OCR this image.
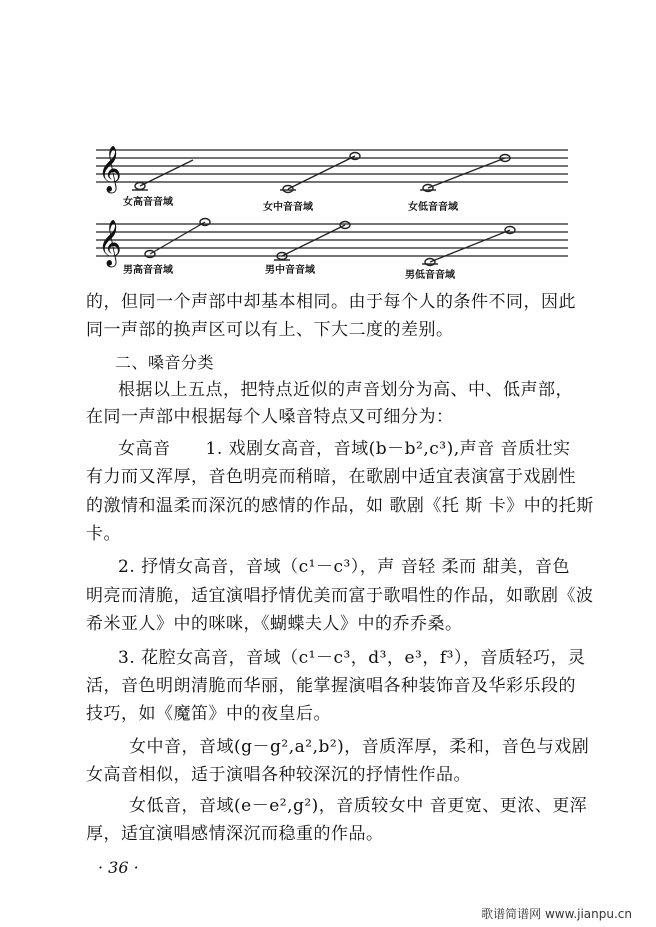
𝄞
𝄞
女高音音域	女中音音域	女低音音域
男高音音域	男中音音域	男低音音域
的，但同一个声部中却基本相同。由于每个人的条件不同，因此
同一声部的换声区可以有上、下大二度的差别。
二、嗓音分类
根据以上五点，把特点近似的声音划分为高、中、低声部，
在同一声部中根据每个人嗓音特点又可细分为：
女高音　　1. 戏剧女高音，音域(b－b²,c³),声音 音质壮实
有力而又浑厚，音色明亮而稍暗，在歌剧中适宜表演富于戏剧性
的激情和温柔而深沉的感情的作品，如 歌剧《托 斯 卡》中的托斯
卡。
2. 抒情女高音，音域（c¹－c³），声 音轻 柔而 甜美，音色
明亮而清脆，适宜演唱抒情优美而富于歌唱性的作品，如歌剧《波
希米亚人》中的咪咪，《蝴蝶夫人》中的乔乔桑。
3. 花腔女高音，音域（c¹－c³，d³，e³，f³），音质轻巧，灵
活，音色明朗清脆而华丽，能掌握演唱各种装饰音及华彩乐段的
技巧，如《魔笛》中的夜皇后。
女中音，音域(g－g²,a²,b²)，音质浑厚，柔和，音色与戏剧
女高音相似，适于演唱各种较深沉的抒情性作品。
女低音，音域(e－e²,g²)，音质较女中 音更宽、更浓、更浑
厚，适宜演唱感情深沉而稳重的作品。
· 36 ·
歌谱简谱网 www.jianpu.cn
